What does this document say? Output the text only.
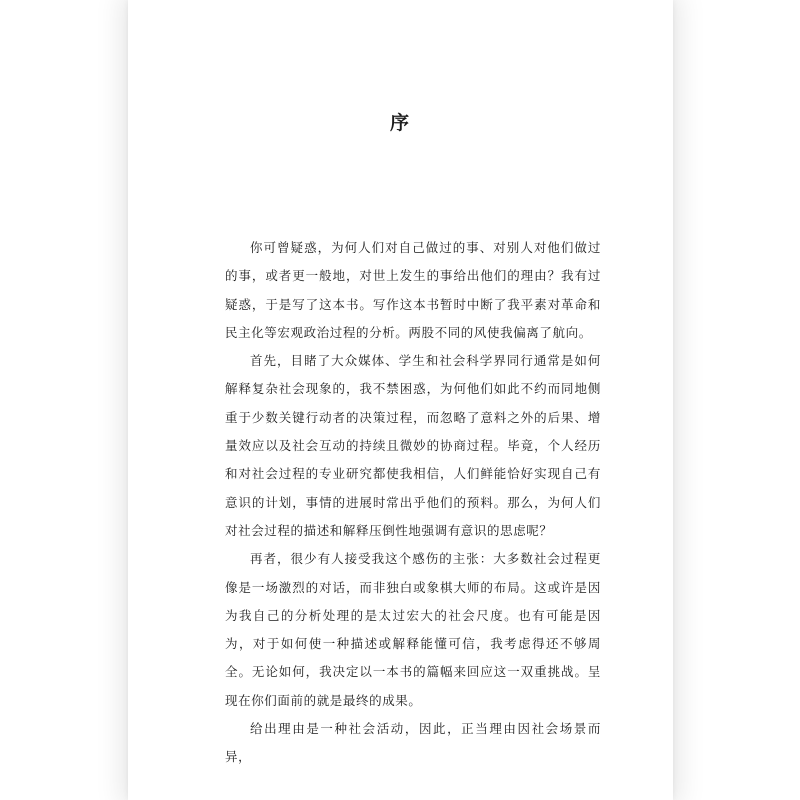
序

你可曾疑惑，为何人们对自己做过的事、对别人对他们做过的事，或者更一般地，对世上发生的事给出他们的理由？我有过疑惑，于是写了这本书。写作这本书暂时中断了我平素对革命和民主化等宏观政治过程的分析。两股不同的风使我偏离了航向。

首先，目睹了大众媒体、学生和社会科学界同行通常是如何解释复杂社会现象的，我不禁困惑，为何他们如此不约而同地侧重于少数关键行动者的决策过程，而忽略了意料之外的后果、增量效应以及社会互动的持续且微妙的协商过程。毕竟，个人经历和对社会过程的专业研究都使我相信，人们鲜能恰好实现自己有意识的计划，事情的进展时常出乎他们的预料。那么，为何人们对社会过程的描述和解释压倒性地强调有意识的思虑呢？

再者，很少有人接受我这个感伤的主张：大多数社会过程更像是一场激烈的对话，而非独白或象棋大师的布局。这或许是因为我自己的分析处理的是太过宏大的社会尺度。也有可能是因为，对于如何使一种描述或解释能懂可信，我考虑得还不够周全。无论如何，我决定以一本书的篇幅来回应这一双重挑战。呈现在你们面前的就是最终的成果。

给出理由是一种社会活动，因此，正当理由因社会场景而异，
